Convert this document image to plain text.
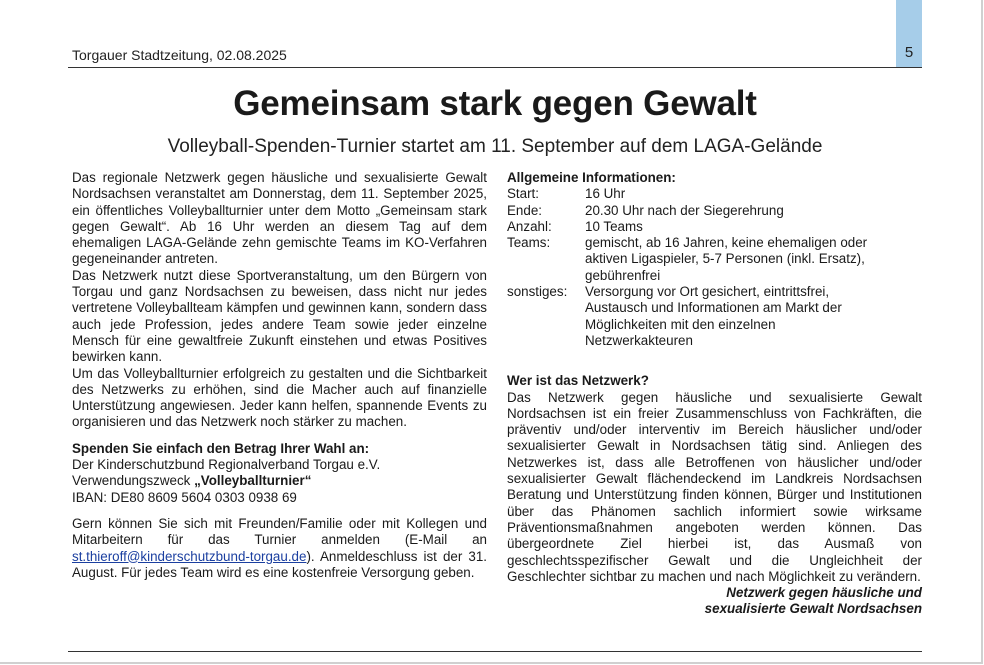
5
Torgauer Stadtzeitung, 02.08.2025
Gemeinsam stark gegen Gewalt
Volleyball-Spenden-Turnier startet am 11. September auf dem LAGA-Gelände

Das regionale Netzwerk gegen häusliche und sexualisierte Gewalt Nordsachsen veranstaltet am Donnerstag, dem 11. September 2025, ein öffentliches Volleyballturnier unter dem Motto „Gemeinsam stark gegen Gewalt“. Ab 16 Uhr werden an diesem Tag auf dem ehemaligen LAGA-Gelände zehn gemischte Teams im KO-Verfahren gegeneinander antreten.

Das Netzwerk nutzt diese Sportveranstaltung, um den Bürgern von Torgau und ganz Nordsachsen zu beweisen, dass nicht nur jedes vertretene Volleyballteam kämpfen und gewinnen kann, sondern dass auch jede Profession, jedes andere Team sowie jeder einzelne Mensch für eine gewaltfreie Zukunft einstehen und etwas Positives bewirken kann.

Um das Volleyballturnier erfolgreich zu gestalten und die Sichtbarkeit des Netzwerks zu erhöhen, sind die Macher auch auf finanzielle Unterstützung angewiesen. Jeder kann helfen, spannende Events zu organisieren und das Netzwerk noch stärker zu machen.

Spenden Sie einfach den Betrag Ihrer Wahl an:

Der Kinderschutzbund Regionalverband Torgau e.V.

Verwendungszweck „Volleyballturnier“

IBAN: DE80 8609 5604 0303 0938 69

Gern können Sie sich mit Freunden/Familie oder mit Kollegen und Mitarbeitern für das Turnier anmelden (E-Mail an st.thieroff@kinderschutzbund-torgau.de). Anmeldeschluss ist der 31. August. Für jedes Team wird es eine kostenfreie Versorgung geben.

Allgemeine Informationen:

Start:	16 Uhr
Ende:	20.30 Uhr nach der Siegerehrung
Anzahl:	10 Teams
Teams:	gemischt, ab 16 Jahren, keine ehemaligen oder aktiven Ligaspieler, 5-7 Personen (inkl. Ersatz), gebührenfrei
sonstiges:	Versorgung vor Ort gesichert, eintrittsfrei, Austausch und Informationen am Markt der Möglichkeiten mit den einzelnen Netzwerkakteuren

Wer ist das Netzwerk?

Das Netzwerk gegen häusliche und sexualisierte Gewalt Nordsachsen ist ein freier Zusammenschluss von Fachkräften, die präventiv und/oder interventiv im Bereich häuslicher und/oder sexualisierter Gewalt in Nordsachsen tätig sind. Anliegen des Netzwerkes ist, dass alle Betroffenen von häuslicher und/oder sexualisierter Gewalt flächendeckend im Landkreis Nordsachsen Beratung und Unterstützung finden können, Bürger und Institutionen über das Phänomen sachlich informiert sowie wirksame Präventionsmaßnahmen angeboten werden können. Das übergeordnete Ziel hierbei ist, das Ausmaß von geschlechtsspezifischer Gewalt und die Ungleichheit der Geschlechter sichtbar zu machen und nach Möglichkeit zu verändern.

Netzwerk gegen häusliche und

sexualisierte Gewalt Nordsachsen
